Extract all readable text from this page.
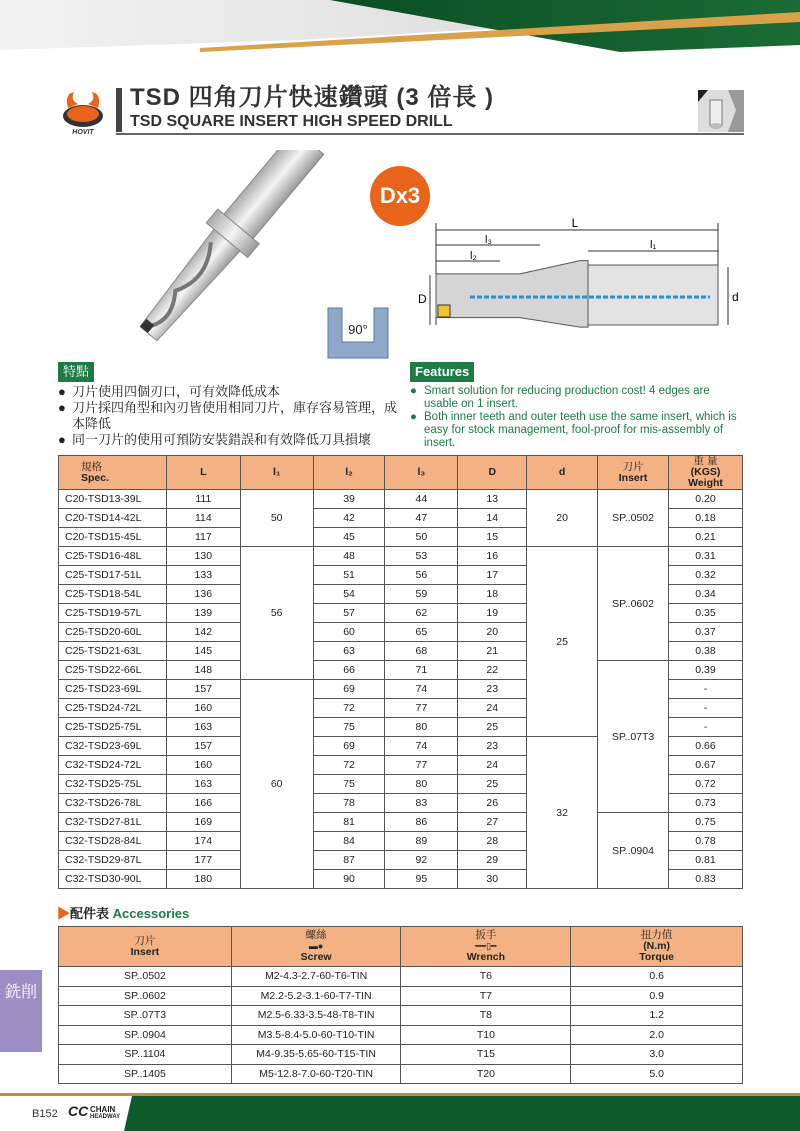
HOVIT
TSD 四角刀片快速鑽頭 (3 倍長 )
TSD SQUARE INSERT HIGH SPEED DRILL
Dx3
90°
L
l₃
l₂
l₁
D	d
特點
● 刀片使用四個刃口，可有效降低成本
● 刀片採四角型和內刃皆使用相同刀片，庫存容易管理，成本降低
● 同一刀片的使用可預防安裝錯誤和有效降低刀具損壞
Features
● Smart solution for reducing production cost! 4 edges are usable on 1 insert.
● Both inner teeth and outer teeth use the same insert, which is easy for stock management, fool-proof for mis-assembly of insert.
規格
Spec.	L	l₁	l₂	l₃	D	d	刀片
Insert	重 量
(KGS)
Weight
C20-TSD13-39L	111	50	39	44	13	20	SP..0502	0.20
C20-TSD14-42L	114		42	47	14			0.18
C20-TSD15-45L	117		45	50	15			0.21
C25-TSD16-48L	130	56	48	53	16	25	SP..0602	0.31
C25-TSD17-51L	133		51	56	17			0.32
C25-TSD18-54L	136		54	59	18			0.34
C25-TSD19-57L	139		57	62	19			0.35
C25-TSD20-60L	142		60	65	20			0.37
C25-TSD21-63L	145		63	68	21			0.38
C25-TSD22-66L	148		66	71	22		SP..07T3	0.39
C25-TSD23-69L	157	60	69	74	23			-
C25-TSD24-72L	160		72	77	24			-
C25-TSD25-75L	163		75	80	25			-
C32-TSD23-69L	157		69	74	23	32		0.66
C32-TSD24-72L	160		72	77	24			0.67
C32-TSD25-75L	163		75	80	25			0.72
C32-TSD26-78L	166		78	83	26			0.73
C32-TSD27-81L	169		81	86	27		SP..0904	0.75
C32-TSD28-84L	174		84	89	28			0.78
C32-TSD29-87L	177		87	92	29			0.81
C32-TSD30-90L	180		90	95	30			0.83
▶配件表 Accessories
刀片
Insert	螺絲
▬●
Screw	扳手
━━▯━
Wrench	扭力值
(N.m)
Torque
SP..0502	M2-4.3-2.7-60-T6-TIN	T6	0.6
SP..0602	M2.2-5.2-3.1-60-T7-TIN	T7	0.9
SP..07T3	M2.5-6.33-3.5-48-T8-TIN	T8	1.2
SP..0904	M3.5-8.4-5.0-60-T10-TIN	T10	2.0
SP..1104	M4-9.35-5.65-60-T15-TIN	T15	3.0
SP..1405	M5-12.8-7.0-60-T20-TIN	T20	5.0
銑削
B152 CC CHAIN
HEADWAY
